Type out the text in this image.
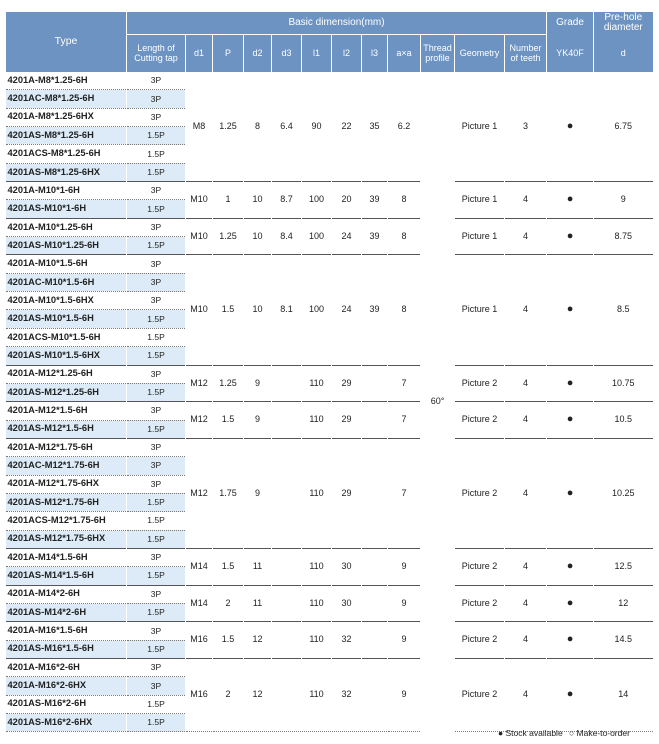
Type	Basic dimension(mm)												Grade	Pre-hole diameter
	Length of Cutting tap	d1	P	d2	d3	l1	l2	l3	a×a	Thread profile	Geometry	Number of teeth	YK40F	d
4201A-M8*1.25-6H	3P	M8	1.25	8	6.4	90	22	35	6.2	60°	Picture 1	3	●	6.75
4201AC-M8*1.25-6H	3P													
4201A-M8*1.25-6HX	3P													
4201AS-M8*1.25-6H	1.5P													
4201ACS-M8*1.25-6H	1.5P													
4201AS-M8*1.25-6HX	1.5P													
4201A-M10*1-6H	3P	M10	1	10	8.7	100	20	39	8		Picture 1	4	●	9
4201AS-M10*1-6H	1.5P													
4201A-M10*1.25-6H	3P	M10	1.25	10	8.4	100	24	39	8		Picture 1	4	●	8.75
4201AS-M10*1.25-6H	1.5P													
4201A-M10*1.5-6H	3P	M10	1.5	10	8.1	100	24	39	8		Picture 1	4	●	8.5
4201AC-M10*1.5-6H	3P													
4201A-M10*1.5-6HX	3P													
4201AS-M10*1.5-6H	1.5P													
4201ACS-M10*1.5-6H	1.5P													
4201AS-M10*1.5-6HX	1.5P													
4201A-M12*1.25-6H	3P	M12	1.25	9		110	29		7		Picture 2	4	●	10.75
4201AS-M12*1.25-6H	1.5P													
4201A-M12*1.5-6H	3P	M12	1.5	9		110	29		7		Picture 2	4	●	10.5
4201AS-M12*1.5-6H	1.5P													
4201A-M12*1.75-6H	3P	M12	1.75	9		110	29		7		Picture 2	4	●	10.25
4201AC-M12*1.75-6H	3P													
4201A-M12*1.75-6HX	3P													
4201AS-M12*1.75-6H	1.5P													
4201ACS-M12*1.75-6H	1.5P													
4201AS-M12*1.75-6HX	1.5P													
4201A-M14*1.5-6H	3P	M14	1.5	11		110	30		9		Picture 2	4	●	12.5
4201AS-M14*1.5-6H	1.5P													
4201A-M14*2-6H	3P	M14	2	11		110	30		9		Picture 2	4	●	12
4201AS-M14*2-6H	1.5P													
4201A-M16*1.5-6H	3P	M16	1.5	12		110	32		9		Picture 2	4	●	14.5
4201AS-M16*1.5-6H	1.5P													
4201A-M16*2-6H	3P	M16	2	12		110	32		9		Picture 2	4	●	14
4201A-M16*2-6HX	3P													
4201AS-M16*2-6H	1.5P													
4201AS-M16*2-6HX	1.5P													
● Stock available ○ Make-to-order
